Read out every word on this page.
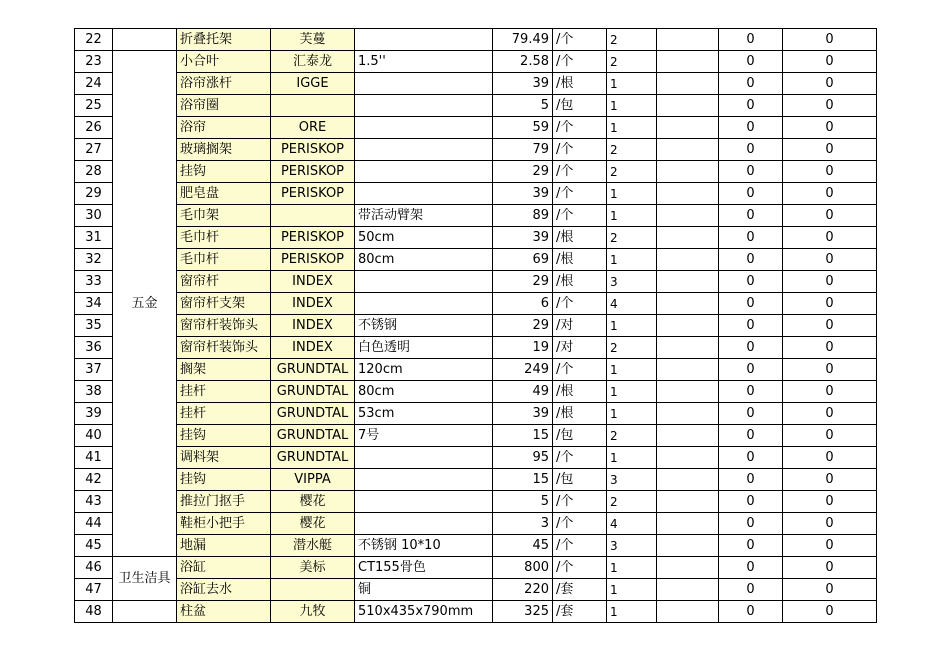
22		折叠托架	芙蔓		79.49	/个	2		0	0
23	五金	小合叶	汇泰龙	1.5''	2.58	/个	2		0	0
24		浴帘涨杆	IGGE		39	/根	1		0	0
25		浴帘圈			5	/包	1		0	0
26		浴帘	ORE		59	/个	1		0	0
27		玻璃搁架	PERISKOP		79	/个	2		0	0
28		挂钩	PERISKOP		29	/个	2		0	0
29		肥皂盘	PERISKOP		39	/个	1		0	0
30		毛巾架		带活动臂架	89	/个	1		0	0
31		毛巾杆	PERISKOP	50cm	39	/根	2		0	0
32		毛巾杆	PERISKOP	80cm	69	/根	1		0	0
33		窗帘杆	INDEX		29	/根	3		0	0
34		窗帘杆支架	INDEX		6	/个	4		0	0
35		窗帘杆装饰头	INDEX	不锈钢	29	/对	1		0	0
36		窗帘杆装饰头	INDEX	白色透明	19	/对	2		0	0
37		搁架	GRUNDTAL	120cm	249	/个	1		0	0
38		挂杆	GRUNDTAL	80cm	49	/根	1		0	0
39		挂杆	GRUNDTAL	53cm	39	/根	1		0	0
40		挂钩	GRUNDTAL	7号	15	/包	2		0	0
41		调料架	GRUNDTAL		95	/个	1		0	0
42		挂钩	VIPPA		15	/包	3		0	0
43		推拉门抠手	樱花		5	/个	2		0	0
44		鞋柜小把手	樱花		3	/个	4		0	0
45		地漏	潜水艇	不锈钢 10*10	45	/个	3		0	0
46	卫生洁具	浴缸	美标	CT155骨色	800	/个	1		0	0
47		浴缸去水		铜	220	/套	1		0	0
48		柱盆	九牧	510x435x790mm	325	/套	1		0	0
